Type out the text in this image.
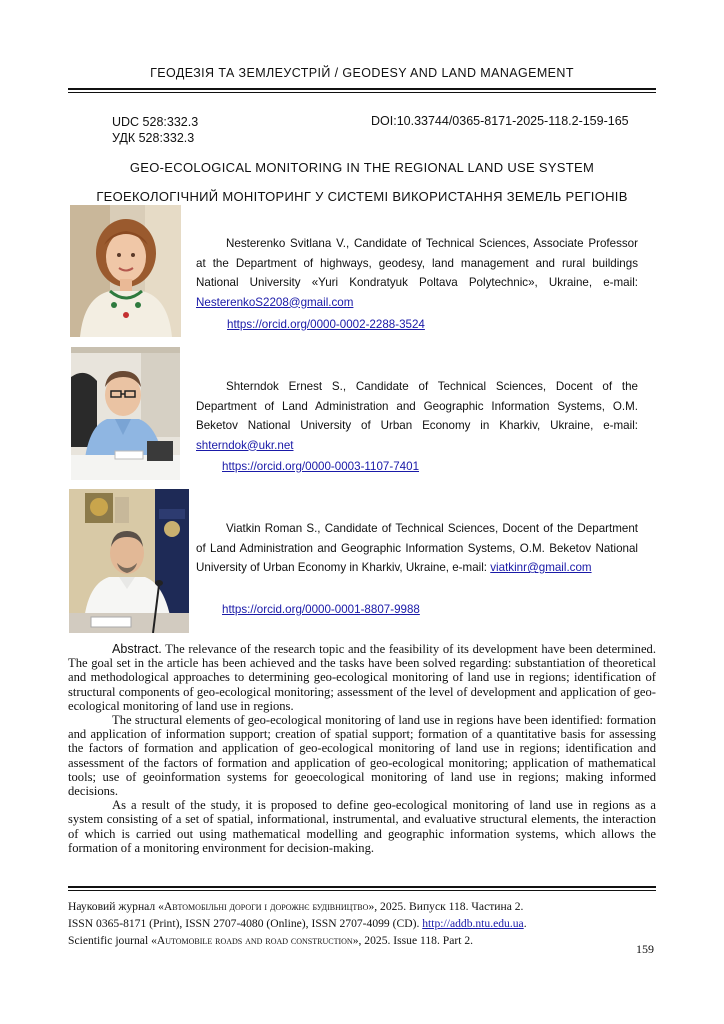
ГЕОДЕЗІЯ ТА ЗЕМЛЕУСТРІЙ / GEODESY AND LAND MANAGEMENT
UDC 528:332.3
УДК 528:332.3
DOI:10.33744/0365-8171-2025-118.2-159-165
GEO-ECOLOGICAL MONITORING IN THE REGIONAL LAND USE SYSTEM
ГЕОЕКОЛОГІЧНИЙ МОНІТОРИНГ У СИСТЕМІ ВИКОРИСТАННЯ ЗЕМЕЛЬ РЕГІОНІВ
Nesterenko Svitlana V., Candidate of Technical Sciences, Associate Professor at the Department of highways, geodesy, land management and rural buildings National University «Yuri Kondratyuk Poltava Polytechnic», Ukraine, e-mail: NesterenkoS2208@gmail.com
https://orcid.org/0000-0002-2288-3524
Shterndok Ernest S., Candidate of Technical Sciences, Docent of the Department of Land Administration and Geographic Information Systems, O.M. Beketov National University of Urban Economy in Kharkiv, Ukraine, e-mail: shterndok@ukr.net
https://orcid.org/0000-0003-1107-7401
Viatkin Roman S., Candidate of Technical Sciences, Docent of the Department of Land Administration and Geographic Information Systems, O.M. Beketov National University of Urban Economy in Kharkiv, Ukraine, e-mail: viatkinr@gmail.com
https://orcid.org/0000-0001-8807-9988

Abstract. The relevance of the research topic and the feasibility of its development have been determined. The goal set in the article has been achieved and the tasks have been solved regarding: substantiation of theoretical and methodological approaches to determining geo-ecological monitoring of land use in regions; identification of structural components of geo-ecological monitoring; assessment of the level of development and application of geo-ecological monitoring of land use in regions.

The structural elements of geo-ecological monitoring of land use in regions have been identified: formation and application of information support; creation of spatial support; formation of a quantitative basis for assessing the factors of formation and application of geo-ecological monitoring of land use in regions; identification and assessment of the factors of formation and application of geo-ecological monitoring; application of mathematical tools; use of geoinformation systems for geoecological monitoring of land use in regions; making informed decisions.

As a result of the study, it is proposed to define geo-ecological monitoring of land use in regions as a system consisting of a set of spatial, informational, instrumental, and evaluative structural elements, the interaction of which is carried out using mathematical modelling and geographic information systems, which allows the formation of a monitoring environment for decision-making.

Науковий журнал «Автомобільні дороги і дорожнє будівництво», 2025. Випуск 118. Частина 2.
ISSN 0365-8171 (Print), ISSN 2707-4080 (Online), ISSN 2707-4099 (CD). http://addb.ntu.edu.ua.
Scientific journal «Automobile roads and road construction», 2025. Issue 118. Part 2.
159
